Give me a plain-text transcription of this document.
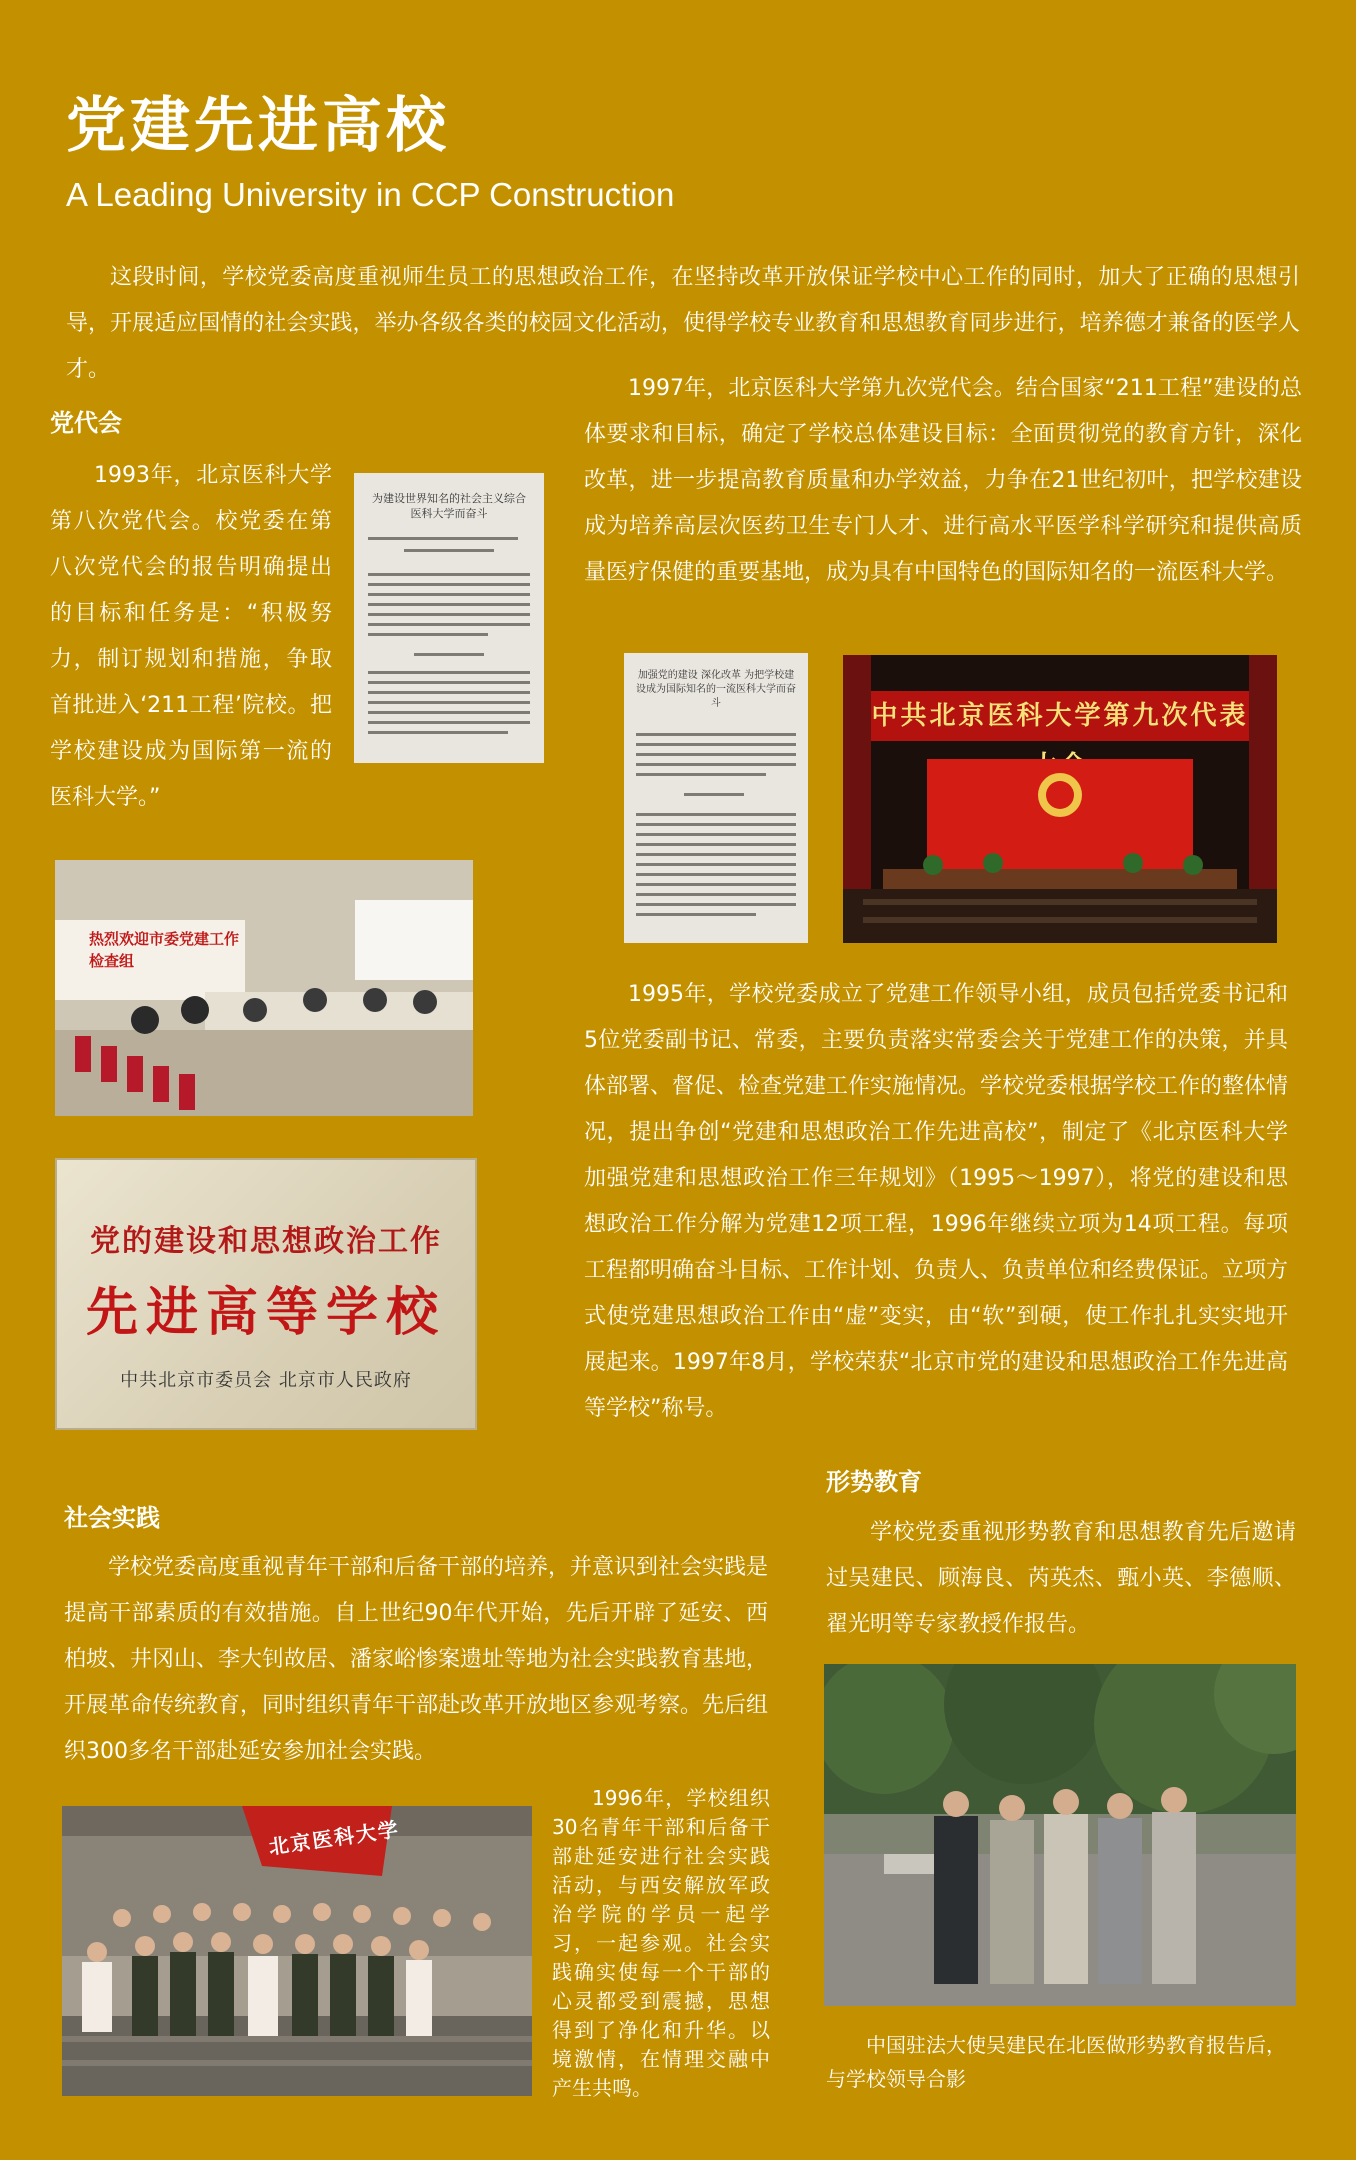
党建先进高校
A Leading University in CCP Construction
这段时间，学校党委高度重视师生员工的思想政治工作，在坚持改革开放保证学校中心工作的同时，加大了正确的思想引导，开展适应国情的社会实践，举办各级各类的校园文化活动，使得学校专业教育和思想教育同步进行，培养德才兼备的医学人才。
党代会
1993年，北京医科大学第八次党代会。校党委在第八次党代会的报告明确提出的目标和任务是：“积极努力，制订规划和措施，争取首批进入‘211工程’院校。把学校建设成为国际第一流的医科大学。”
为建设世界知名的社会主义综合医科大学而奋斗
1997年，北京医科大学第九次党代会。结合国家“211工程”建设的总体要求和目标，确定了学校总体建设目标：全面贯彻党的教育方针，深化改革，进一步提高教育质量和办学效益，力争在21世纪初叶，把学校建设成为培养高层次医药卫生专门人才、进行高水平医学科学研究和提供高质量医疗保健的重要基地，成为具有中国特色的国际知名的一流医科大学。
加强党的建设 深化改革 为把学校建设成为国际知名的一流医科大学而奋斗	中共北京医科大学第九次代表
热烈欢迎市委党建工作检查组
1995年，学校党委成立了党建工作领导小组，成员包括党委书记和5位党委副书记、常委，主要负责落实常委会关于党建工作的决策，并具体部署、督促、检查党建工作实施情况。学校党委根据学校工作的整体情况，提出争创“党建和思想政治工作先进高校”，制定了《北京医科大学加强党建和思想政治工作三年规划》（1995～1997），将党的建设和思想政治工作分解为党建12项工程，1996年继续立项为14项工程。每项工程都明确奋斗目标、工作计划、负责人、负责单位和经费保证。立项方式使党建思想政治工作由“虚”变实，由“软”到硬，使工作扎扎实实地开展起来。1997年8月，学校荣获“北京市党的建设和思想政治工作先进高等学校”称号。
党的建设和思想政治工作
先进高等学校
中共北京市委员会 北京市人民政府
社会实践
学校党委高度重视青年干部和后备干部的培养，并意识到社会实践是提高干部素质的有效措施。自上世纪90年代开始，先后开辟了延安、西柏坡、井冈山、李大钊故居、潘家峪惨案遗址等地为社会实践教育基地，开展革命传统教育，同时组织青年干部赴改革开放地区参观考察。先后组织300多名干部赴延安参加社会实践。
北京医科大学
1996年，学校组织30名青年干部和后备干部赴延安进行社会实践活动，与西安解放军政治学院的学员一起学习，一起参观。社会实践确实使每一个干部的心灵都受到震撼，思想得到了净化和升华。以境激情，在情理交融中产生共鸣。
形势教育
学校党委重视形势教育和思想教育先后邀请过吴建民、顾海良、芮英杰、甄小英、李德顺、翟光明等专家教授作报告。
中国驻法大使吴建民在北医做形势教育报告后，与学校领导合影
